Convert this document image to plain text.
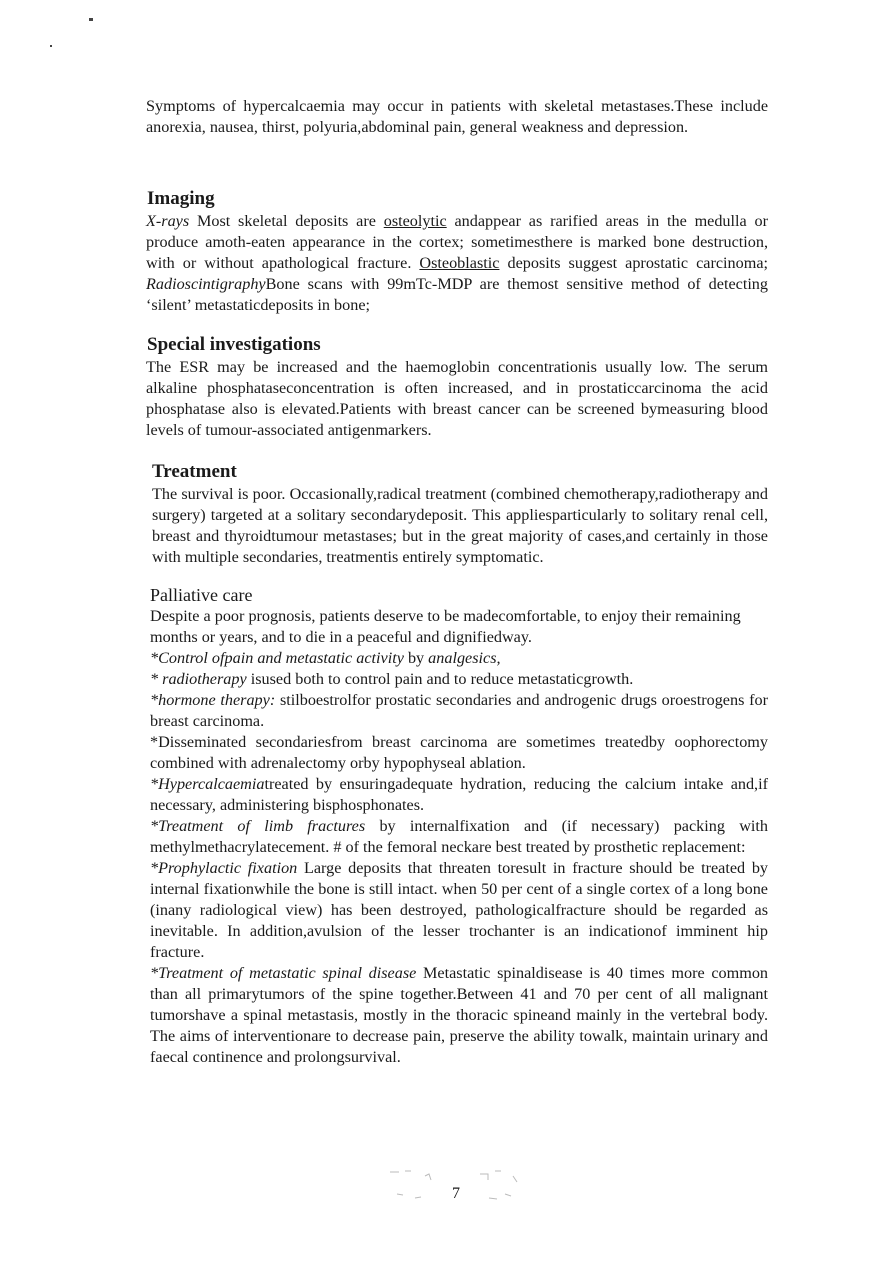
Symptoms of hypercalcaemia may occur in patients with skeletal metastases.These include anorexia, nausea, thirst, polyuria,abdominal pain, general weakness and depression.

Imaging

X-rays Most skeletal deposits are osteolytic andappear as rarified areas in the medulla or produce amoth-eaten appearance in the cortex; sometimesthere is marked bone destruction, with or without apathological fracture. Osteoblastic deposits suggest aprostatic carcinoma; RadioscintigraphyBone scans with 99mTc-MDP are themost sensitive method of detecting ‘silent’ metastaticdeposits in bone;

Special investigations

The ESR may be increased and the haemoglobin concentrationis usually low. The serum alkaline phosphataseconcentration is often increased, and in prostaticcarcinoma the acid phosphatase also is elevated.Patients with breast cancer can be screened bymeasuring blood levels of tumour-associated antigenmarkers.

Treatment

The survival is poor. Occasionally,radical treatment (combined chemotherapy,radiotherapy and surgery) targeted at a solitary secondarydeposit. This appliesparticularly to solitary renal cell, breast and thyroidtumour metastases; but in the great majority of cases,and certainly in those with multiple secondaries, treatmentis entirely symptomatic.

Palliative care

Despite a poor prognosis, patients deserve to be madecomfortable, to enjoy their remaining

months or years, and to die in a peaceful and dignifiedway.

*Control ofpain and metastatic activity by analgesics,

* radiotherapy isused both to control pain and to reduce metastaticgrowth.

*hormone therapy: stilboestrolfor prostatic secondaries and androgenic drugs oroestrogens for breast carcinoma.

*Disseminated secondariesfrom breast carcinoma are sometimes treatedby oophorectomy combined with adrenalectomy orby hypophyseal ablation.

*Hypercalcaemiatreated by ensuringadequate hydration, reducing the calcium intake and,if necessary, administering bisphosphonates.

*Treatment of limb fractures by internalfixation and (if necessary) packing with methylmethacrylatecement. # of the femoral neckare best treated by prosthetic replacement:

*Prophylactic fixation Large deposits that threaten toresult in fracture should be treated by internal fixationwhile the bone is still intact. when 50 per cent of a single cortex of a long bone (inany radiological view) has been destroyed, pathologicalfracture should be regarded as inevitable. In addition,avulsion of the lesser trochanter is an indicationof imminent hip fracture.

*Treatment of metastatic spinal disease Metastatic spinaldisease is 40 times more common than all primarytumors of the spine together.Between 41 and 70 per cent of all malignant tumorshave a spinal metastasis, mostly in the thoracic spineand mainly in the vertebral body. The aims of interventionare to decrease pain, preserve the ability towalk, maintain urinary and faecal continence and prolongsurvival.

7
